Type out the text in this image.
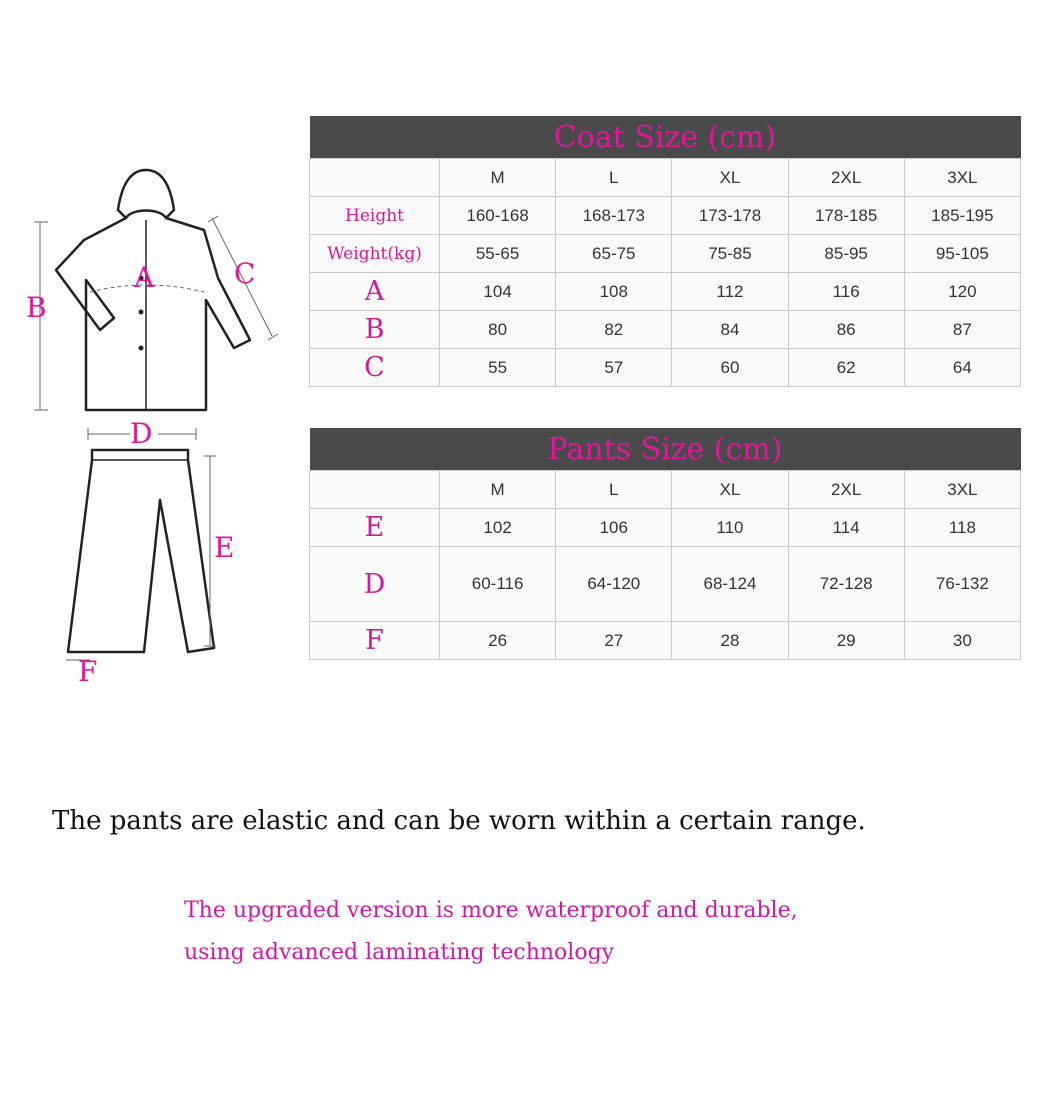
A
B
C
D
E
F
Coat Size (cm)					
	M	L	XL	2XL	3XL
Height	160-168	168-173	173-178	178-185	185-195
Weight(kg)	55-65	65-75	75-85	85-95	95-105
A	104	108	112	116	120
B	80	82	84	86	87
C	55	57	60	62	64
Pants Size (cm)					
	M	L	XL	2XL	3XL
E	102	106	110	114	118
D	60-116	64-120	68-124	72-128	76-132
F	26	27	28	29	30
The pants are elastic and can be worn within a certain range.
The upgraded version is more waterproof and durable,
using advanced laminating technology
